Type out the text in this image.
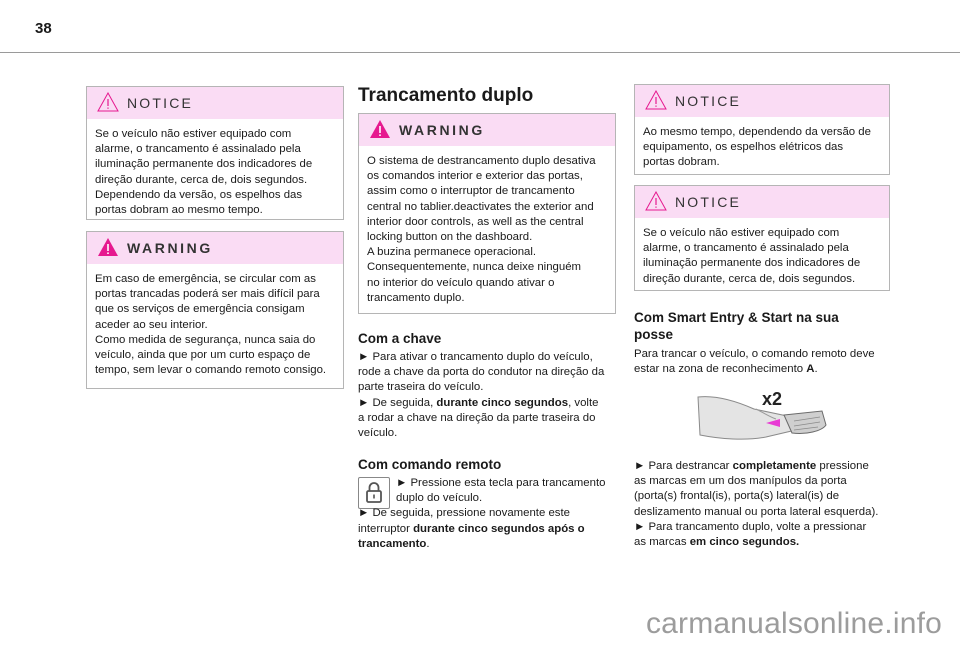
38
NOTICE
Se o veículo não estiver equipado com
alarme, o trancamento é assinalado pela
iluminação permanente dos indicadores de
direção durante, cerca de, dois segundos.
Dependendo da versão, os espelhos das
portas dobram ao mesmo tempo.
WARNING
Em caso de emergência, se circular com as
portas trancadas poderá ser mais difícil para
que os serviços de emergência consigam
aceder ao seu interior.
Como medida de segurança, nunca saia do
veículo, ainda que por um curto espaço de
tempo, sem levar o comando remoto consigo.
Trancamento duplo
WARNING
O sistema de destrancamento duplo desativa
os comandos interior e exterior das portas,
assim como o interruptor de trancamento
central no tablier.deactivates the exterior and
interior door controls, as well as the central
locking button on the dashboard.
A buzina permanece operacional.
Consequentemente, nunca deixe ninguém
no interior do veículo quando ativar o
trancamento duplo.
Com a chave
► Para ativar o trancamento duplo do veículo,
rode a chave da porta do condutor na direção da
parte traseira do veículo.
► De seguida, durante cinco segundos, volte
a rodar a chave na direção da parte traseira do
veículo.
Com comando remoto
► Pressione esta tecla para trancamento
duplo do veículo.
► De seguida, pressione novamente este
interruptor durante cinco segundos após o
trancamento.
NOTICE
Ao mesmo tempo, dependendo da versão de
equipamento, os espelhos elétricos das
portas dobram.
NOTICE
Se o veículo não estiver equipado com
alarme, o trancamento é assinalado pela
iluminação permanente dos indicadores de
direção durante, cerca de, dois segundos.
Com Smart Entry & Start na sua
posse
Para trancar o veículo, o comando remoto deve
estar na zona de reconhecimento A.
x2
► Para destrancar completamente pressione
as marcas em um dos manípulos da porta
(porta(s) frontal(is), porta(s) lateral(is) de
deslizamento manual ou porta lateral esquerda).
► Para trancamento duplo, volte a pressionar
as marcas em cinco segundos.
carmanualsonline.info
